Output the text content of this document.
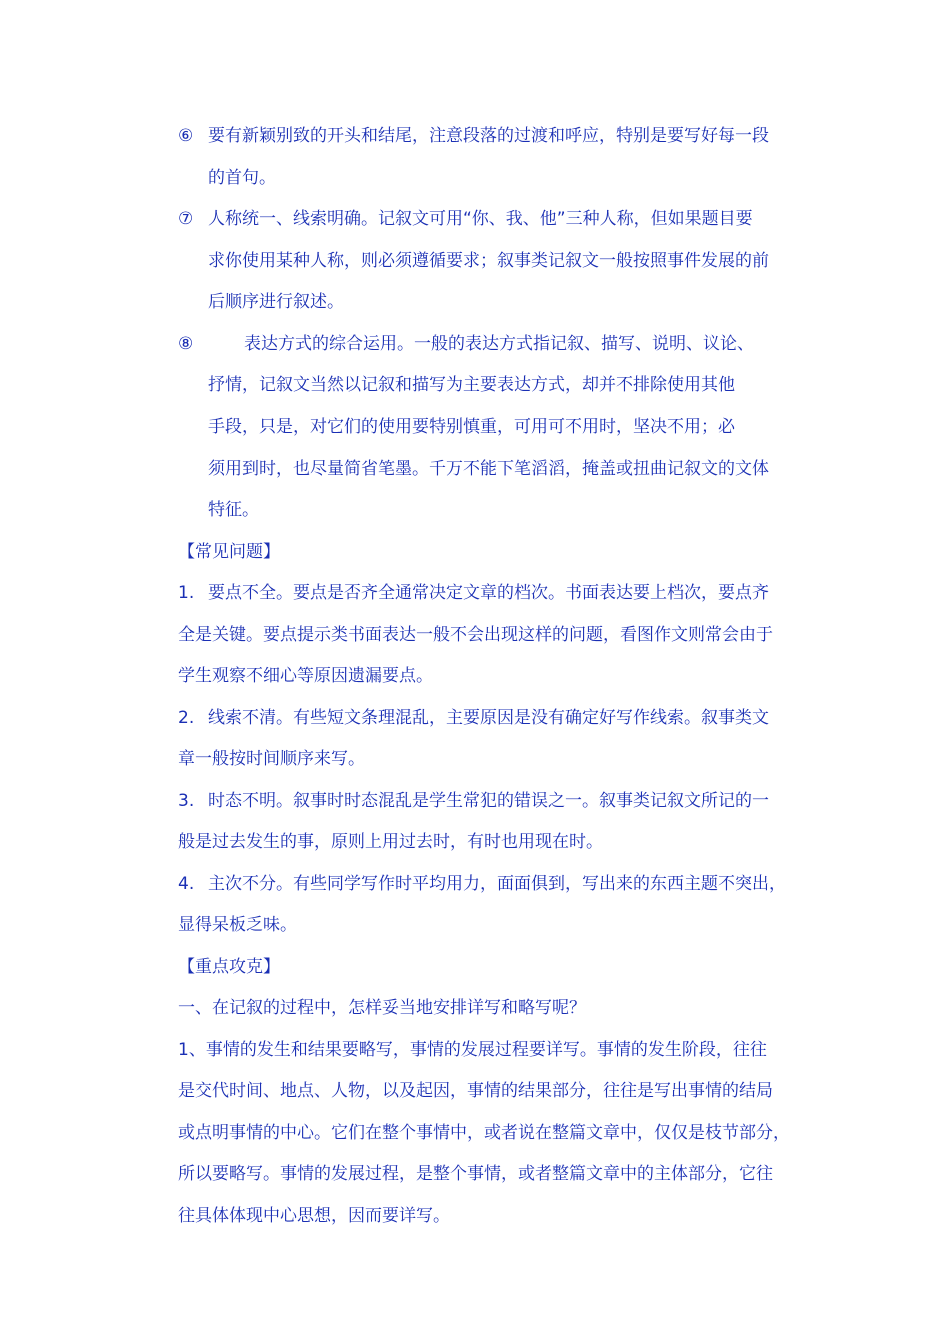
⑥ 要有新颖别致的开头和结尾，注意段落的过渡和呼应，特别是要写好每一段
的首句。
⑦ 人称统一、线索明确。记叙文可用“你、我、他”三种人称，但如果题目要
求你使用某种人称，则必须遵循要求；叙事类记叙文一般按照事件发展的前
后顺序进行叙述。
⑧	表达方式的综合运用。一般的表达方式指记叙、描写、说明、议论、
抒情，记叙文当然以记叙和描写为主要表达方式，却并不排除使用其他
手段，只是，对它们的使用要特别慎重，可用可不用时，坚决不用；必
须用到时，也尽量简省笔墨。千万不能下笔滔滔，掩盖或扭曲记叙文的文体
特征。
【常见问题】
1. 要点不全。要点是否齐全通常决定文章的档次。书面表达要上档次，要点齐
全是关键。要点提示类书面表达一般不会出现这样的问题，看图作文则常会由于
学生观察不细心等原因遗漏要点。
2. 线索不清。有些短文条理混乱，主要原因是没有确定好写作线索。叙事类文
章一般按时间顺序来写。
3. 时态不明。叙事时时态混乱是学生常犯的错误之一。叙事类记叙文所记的一
般是过去发生的事，原则上用过去时，有时也用现在时。
4. 主次不分。有些同学写作时平均用力，面面俱到，写出来的东西主题不突出，
显得呆板乏味。
【重点攻克】
一、在记叙的过程中，怎样妥当地安排详写和略写呢？
1、事情的发生和结果要略写，事情的发展过程要详写。事情的发生阶段，往往
是交代时间、地点、人物，以及起因，事情的结果部分，往往是写出事情的结局
或点明事情的中心。它们在整个事情中，或者说在整篇文章中，仅仅是枝节部分，
所以要略写。事情的发展过程，是整个事情，或者整篇文章中的主体部分，它往
往具体体现中心思想，因而要详写。
